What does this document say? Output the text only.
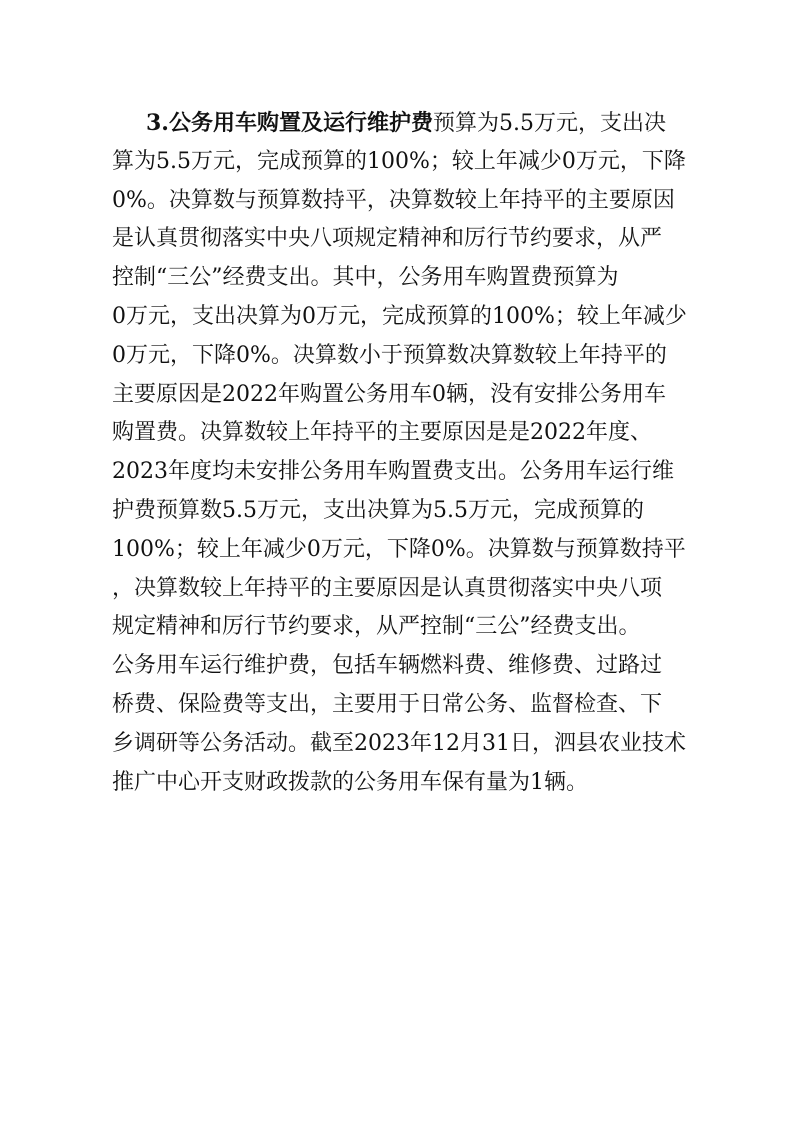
3.公务用车购置及运行维护费预算为5.5万元，支出决
算为5.5万元，完成预算的100%；较上年减少0万元，下降
0%。决算数与预算数持平，决算数较上年持平的主要原因
是认真贯彻落实中央八项规定精神和厉行节约要求，从严
控制“三公”经费支出。其中，公务用车购置费预算为
0万元，支出决算为0万元，完成预算的100%；较上年减少
0万元，下降0%。决算数小于预算数决算数较上年持平的
主要原因是2022年购置公务用车0辆，没有安排公务用车
购置费。决算数较上年持平的主要原因是是2022年度、
2023年度均未安排公务用车购置费支出。公务用车运行维
护费预算数5.5万元，支出决算为5.5万元，完成预算的
100%；较上年减少0万元，下降0%。决算数与预算数持平
，决算数较上年持平的主要原因是认真贯彻落实中央八项
规定精神和厉行节约要求，从严控制“三公”经费支出。
公务用车运行维护费，包括车辆燃料费、维修费、过路过
桥费、保险费等支出，主要用于日常公务、监督检查、下
乡调研等公务活动。截至2023年12月31日，泗县农业技术
推广中心开支财政拨款的公务用车保有量为1辆。
